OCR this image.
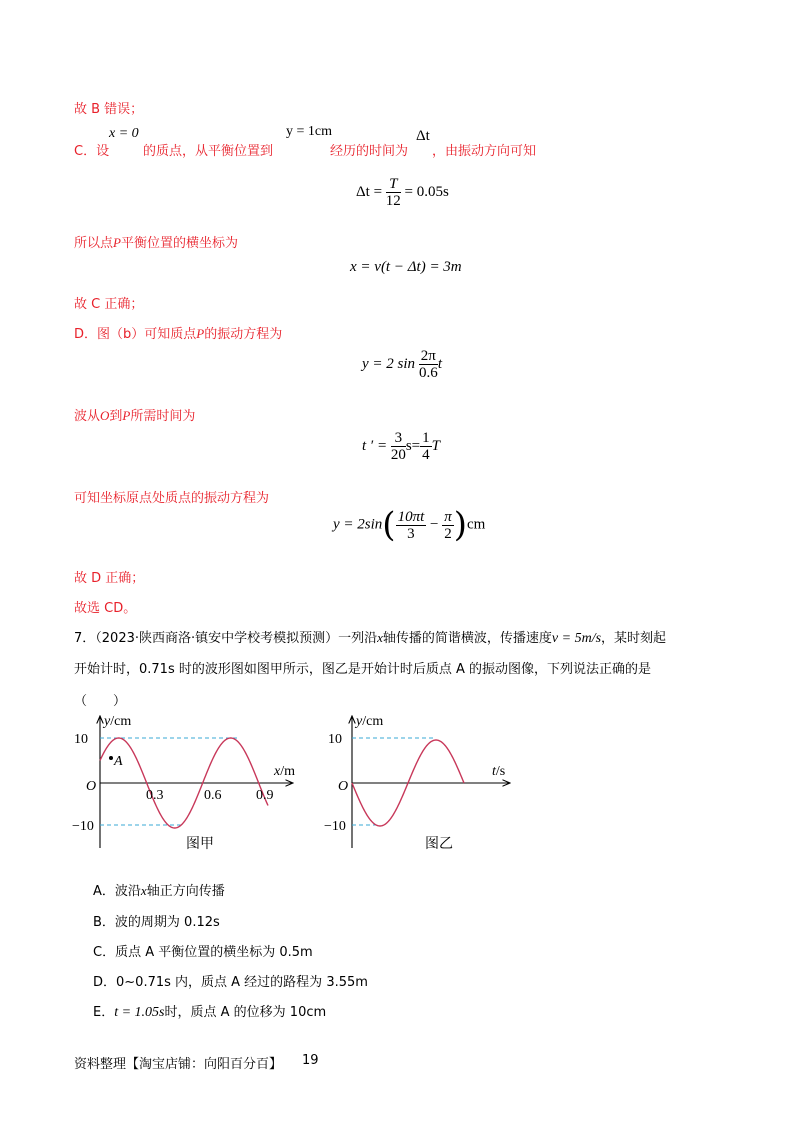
故 B 错误；
C．设
x = 0
的质点，从平衡位置到
y = 1cm
经历的时间为
Δt
，由振动方向可知
$\Delta t = \frac{T}{12} = 0.05s$
所以点P平衡位置的横坐标为
x = v(t − Δt) = 3m
故 C 正确；
D．图（b）可知质点P的振动方程为
y = 2 $\sin \frac{2\pi}{0.6}$ t
波从O到P所需时间为
t ′ = $\frac{3}{20} s= \frac{1}{4}$ T
可知坐标原点处质点的振动方程为
$y = 2\sin( \frac{10\pi t}{3} - \frac{\pi}{2} )cm$
故 D 正确；
故选 CD。
7．（2023·陕西商洛·镇安中学校考模拟预测）一列沿x轴传播的简谐横波，传播速度v = 5m/s，某时刻起
开始计时，0.71s 时的波形图如图甲所示，图乙是开始计时后质点 A 的振动图像，下列说法正确的是
（　　）
A
y/cm
10
−10
O
x/m
0.3	0.6 0.9
图甲
y/cm
10
−10
O
t/s
图乙
A．波沿x轴正方向传播
B．波的周期为 0.12s
C．质点 A 平衡位置的横坐标为 0.5m
D．0~0.71s 内，质点 A 经过的路程为 3.55m
E．t = 1.05s时，质点 A 的位移为 10cm
资料整理【淘宝店铺：向阳百分百】 19
